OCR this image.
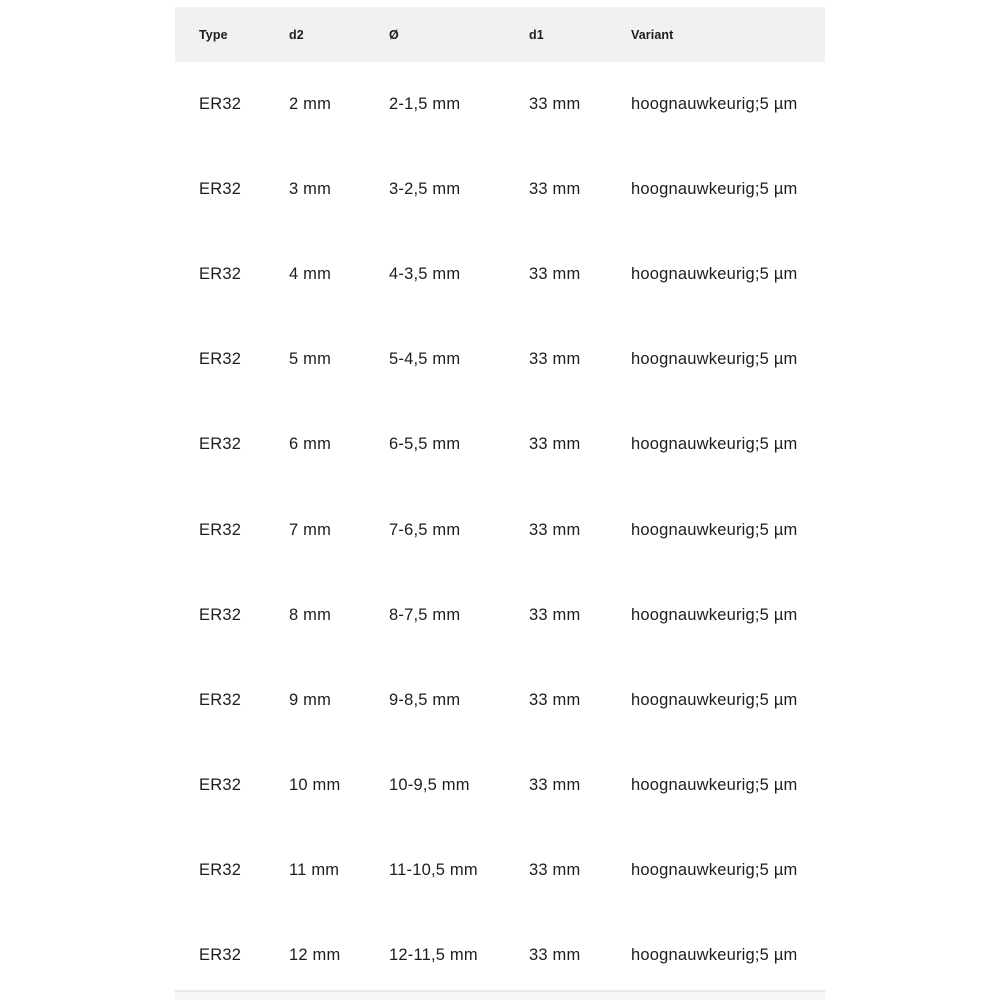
Type	d2	Ø	d1	Variant
ER32	2 mm	2-1,5 mm	33 mm	hoognauwkeurig;5 µm
ER32	3 mm	3-2,5 mm	33 mm	hoognauwkeurig;5 µm
ER32	4 mm	4-3,5 mm	33 mm	hoognauwkeurig;5 µm
ER32	5 mm	5-4,5 mm	33 mm	hoognauwkeurig;5 µm
ER32	6 mm	6-5,5 mm	33 mm	hoognauwkeurig;5 µm
ER32	7 mm	7-6,5 mm	33 mm	hoognauwkeurig;5 µm
ER32	8 mm	8-7,5 mm	33 mm	hoognauwkeurig;5 µm
ER32	9 mm	9-8,5 mm	33 mm	hoognauwkeurig;5 µm
ER32	10 mm	10-9,5 mm	33 mm	hoognauwkeurig;5 µm
ER32	11 mm	11-10,5 mm	33 mm	hoognauwkeurig;5 µm
ER32	12 mm	12-11,5 mm	33 mm	hoognauwkeurig;5 µm
